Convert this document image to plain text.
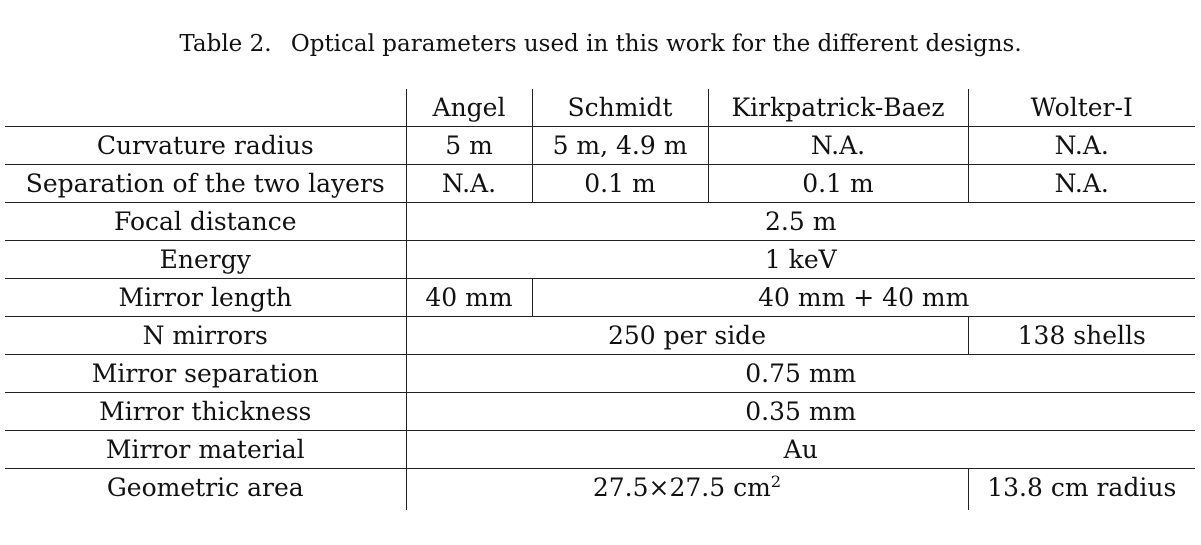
Table 2. Optical parameters used in this work for the different designs.
	Angel	Schmidt	Kirkpatrick-Baez	Wolter-I
Curvature radius	5 m	5 m, 4.9 m	N.A.	N.A.
Separation of the two layers	N.A.	0.1 m	0.1 m	N.A.
Focal distance	2.5 m			
Energy	1 keV			
Mirror length	40 mm	40 mm + 40 mm		
N mirrors	250 per side			138 shells
Mirror separation	0.75 mm			
Mirror thickness	0.35 mm			
Mirror material	Au			
Geometric area	27.5×27.5 $cm^2$			13.8 cm radius
